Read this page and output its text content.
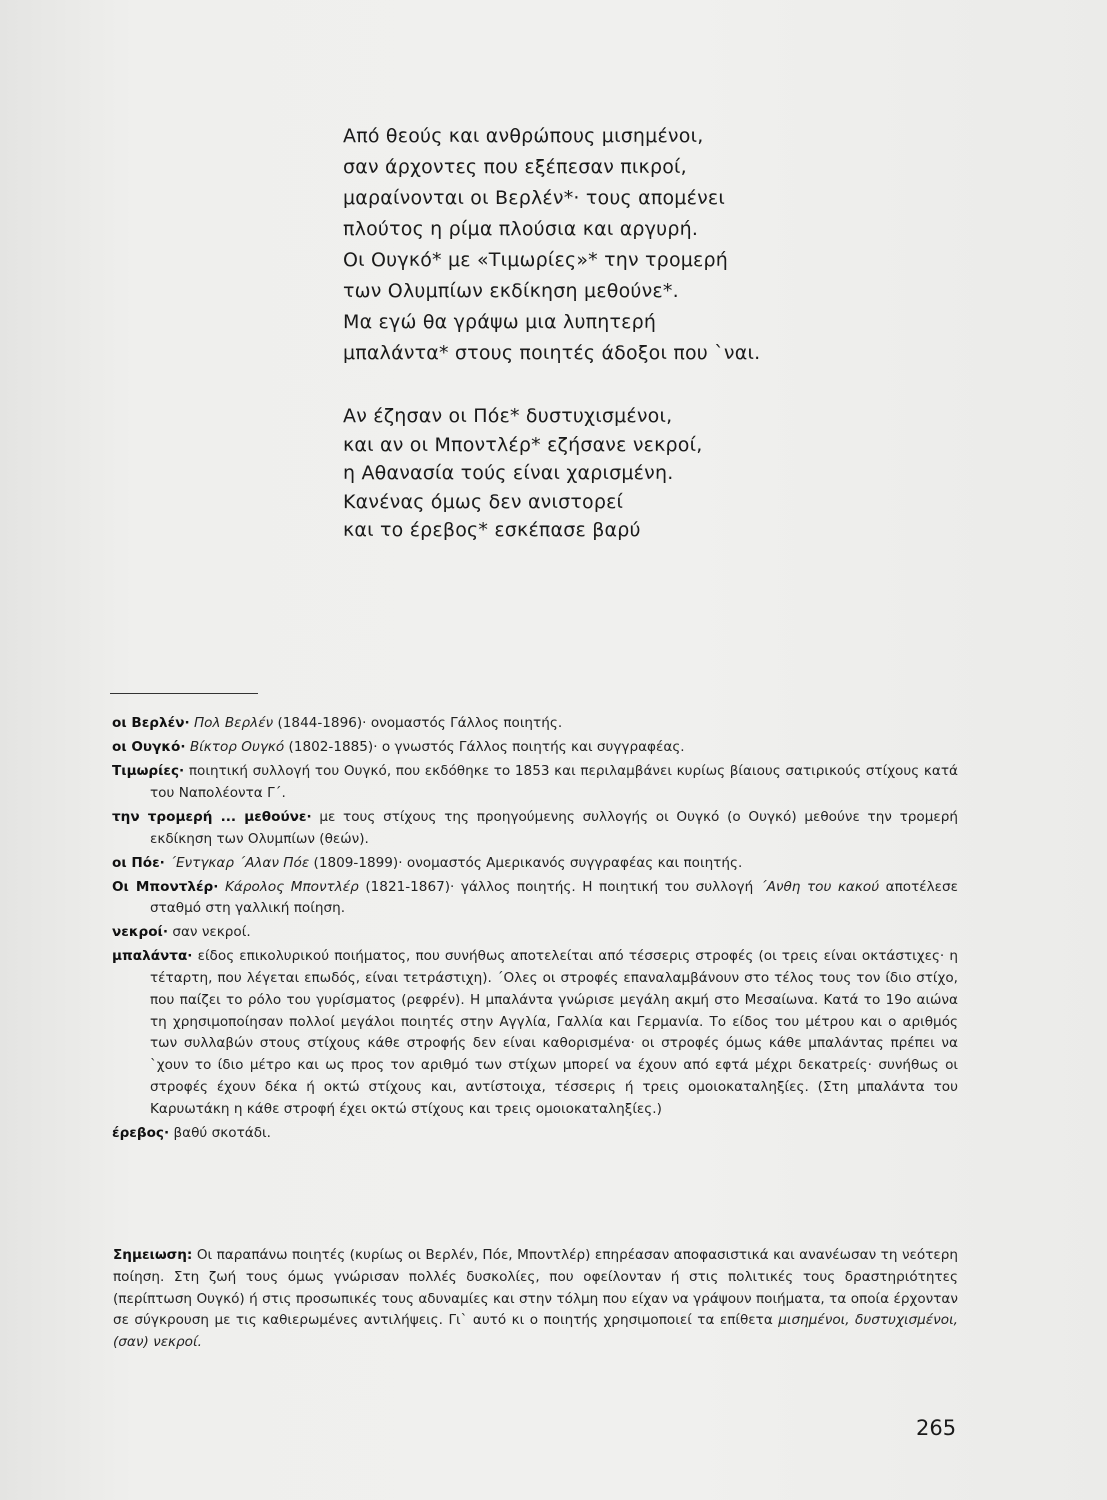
Από θεούς και ανθρώπους μισημένοι,
σαν άρχοντες που εξέπεσαν πικροί,
μαραίνονται οι Βερλέν*· τους απομένει
πλούτος η ρίμα πλούσια και αργυρή.
Οι Ουγκό* με «Τιμωρίες»* την τρομερή
των Ολυμπίων εκδίκηση μεθούνε*.
Μα εγώ θα γράψω μια λυπητερή
μπαλάντα* στους ποιητές άδοξοι που `ναι.
Αν έζησαν οι Πόε* δυστυχισμένοι,
και αν οι Μποντλέρ* εζήσανε νεκροί,
η Αθανασία τούς είναι χαρισμένη.
Κανένας όμως δεν ανιστορεί
και το έρεβος* εσκέπασε βαρύ

οι Βερλέν· Πολ Βερλέν (1844-1896)· ονομαστός Γάλλος ποιητής.

οι Ουγκό· Βίκτορ Ουγκό (1802-1885)· ο γνωστός Γάλλος ποιητής και συγγραφέας.

Τιμωρίες· ποιητική συλλογή του Ουγκό, που εκδόθηκε το 1853 και περιλαμβάνει κυρίως βίαιους σατιρικούς στίχους κατά του Ναπολέοντα Γ΄.

την τρομερή ... μεθούνε· με τους στίχους της προηγούμενης συλλογής οι Ουγκό (ο Ουγκό) μεθούνε την τρομερή εκδίκηση των Ολυμπίων (θεών).

οι Πόε· ΄Εντγκαρ ΄Αλαν Πόε (1809-1899)· ονομαστός Αμερικανός συγγραφέας και ποιητής.

Οι Μποντλέρ· Κάρολος Μποντλέρ (1821-1867)· γάλλος ποιητής. Η ποιητική του συλλογή ΄Ανθη του κακού αποτέλεσε σταθμό στη γαλλική ποίηση.

νεκροί· σαν νεκροί.

μπαλάντα· είδος επικολυρικού ποιήματος, που συνήθως αποτελείται από τέσσερις στροφές (οι τρεις είναι οκτάστιχες· η τέταρτη, που λέγεται επωδός, είναι τετράστιχη). ΄Ολες οι στροφές επαναλαμβάνουν στο τέλος τους τον ίδιο στίχο, που παίζει το ρόλο του γυρίσματος (ρεφρέν). Η μπαλάντα γνώρισε μεγάλη ακμή στο Μεσαίωνα. Κατά το 19ο αιώνα τη χρησιμοποίησαν πολλοί μεγάλοι ποιητές στην Αγγλία, Γαλλία και Γερμανία. Το είδος του μέτρου και ο αριθμός των συλλαβών στους στίχους κάθε στροφής δεν είναι καθορισμένα· οι στροφές όμως κάθε μπαλάντας πρέπει να `χουν το ίδιο μέτρο και ως προς τον αριθμό των στίχων μπορεί να έχουν από εφτά μέχρι δεκατρείς· συνήθως οι στροφές έχουν δέκα ή οκτώ στίχους και, αντίστοιχα, τέσσερις ή τρεις ομοιοκαταληξίες. (Στη μπαλάντα του Καρυωτάκη η κάθε στροφή έχει οκτώ στίχους και τρεις ομοιοκαταληξίες.)

έρεβος· βαθύ σκοτάδι.

Σημειωση: Οι παραπάνω ποιητές (κυρίως οι Βερλέν, Πόε, Μποντλέρ) επηρέασαν αποφασιστικά και ανανέωσαν τη νεότερη ποίηση. Στη ζωή τους όμως γνώρισαν πολλές δυσκολίες, που οφείλονταν ή στις πολιτικές τους δραστηριότητες (περίπτωση Ουγκό) ή στις προσωπικές τους αδυναμίες και στην τόλμη που είχαν να γράψουν ποιήματα, τα οποία έρχονταν σε σύγκρουση με τις καθιερωμένες αντιλήψεις. Γι` αυτό κι ο ποιητής χρησιμοποιεί τα επίθετα μισημένοι, δυστυχισμένοι, (σαν) νεκροί.

265
